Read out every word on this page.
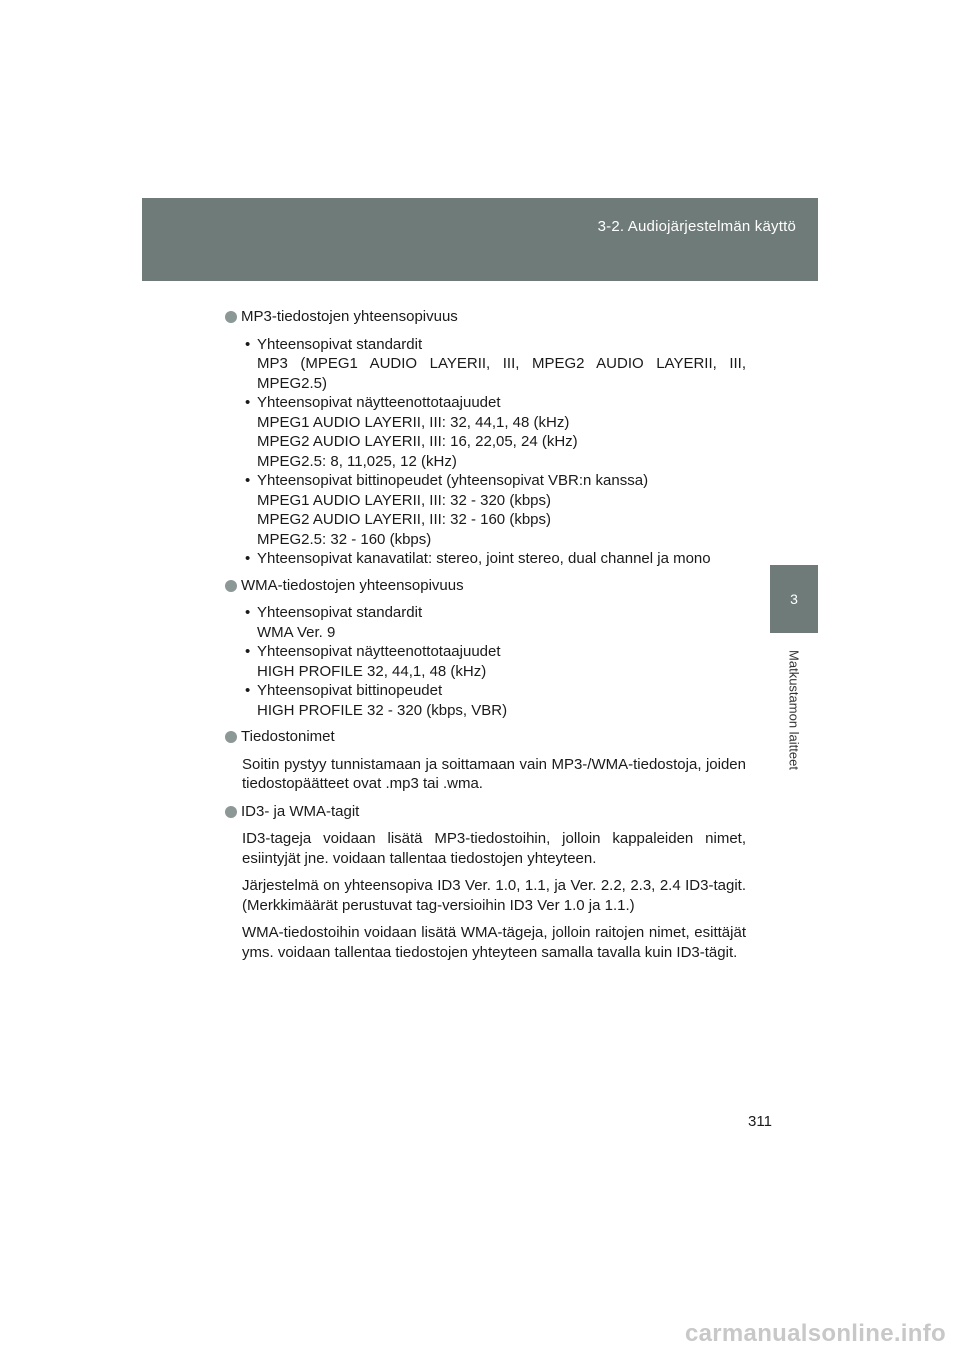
3-2. Audiojärjestelmän käyttö
3
Matkustamon laitteet
MP3-tiedostojen yhteensopivuus
• Yhteensopivat standardit
MP3 (MPEG1 AUDIO LAYERII, III, MPEG2 AUDIO LAYERII, III,
MPEG2.5)
• Yhteensopivat näytteenottotaajuudet
MPEG1 AUDIO LAYERII, III: 32, 44,1, 48 (kHz)
MPEG2 AUDIO LAYERII, III: 16, 22,05, 24 (kHz)
MPEG2.5: 8, 11,025, 12 (kHz)
• Yhteensopivat bittinopeudet (yhteensopivat VBR:n kanssa)
MPEG1 AUDIO LAYERII, III: 32 - 320 (kbps)
MPEG2 AUDIO LAYERII, III: 32 - 160 (kbps)
MPEG2.5: 32 - 160 (kbps)
• Yhteensopivat kanavatilat: stereo, joint stereo, dual channel ja mono
WMA-tiedostojen yhteensopivuus
• Yhteensopivat standardit
WMA Ver. 9
• Yhteensopivat näytteenottotaajuudet
HIGH PROFILE 32, 44,1, 48 (kHz)
• Yhteensopivat bittinopeudet
HIGH PROFILE 32 - 320 (kbps, VBR)
Tiedostonimet
Soitin pystyy tunnistamaan ja soittamaan vain MP3-/WMA-tiedostoja, joiden
tiedostopäätteet ovat .mp3 tai .wma.
ID3- ja WMA-tagit
ID3-tageja voidaan lisätä MP3-tiedostoihin, jolloin kappaleiden nimet,
esiintyjät jne. voidaan tallentaa tiedostojen yhteyteen.
Järjestelmä on yhteensopiva ID3 Ver. 1.0, 1.1, ja Ver. 2.2, 2.3, 2.4 ID3-tagit.
(Merkkimäärät perustuvat tag-versioihin ID3 Ver 1.0 ja 1.1.)
WMA-tiedostoihin voidaan lisätä WMA-tägeja, jolloin raitojen nimet, esittäjät
yms. voidaan tallentaa tiedostojen yhteyteen samalla tavalla kuin ID3-tägit.
311
carmanualsonline.info
